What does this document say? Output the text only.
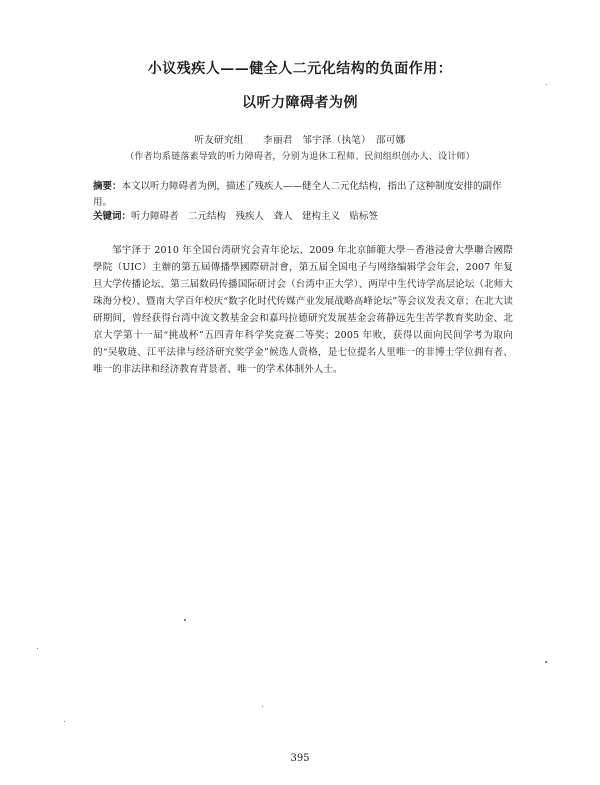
小议残疾人——健全人二元化结构的负面作用：
以听力障碍者为例
听友研究组　　李丽君　邹宇泽（执笔）　邵可娜
（作者均系链落素导致的听力障碍者，分别为退休工程师、民间组织创办人、设计师）
摘要：本文以听力障碍者为例，描述了残疾人——健全人二元化结构，指出了这种制度安排的副作用。
关键词：听力障碍者　二元结构　残疾人　聋人　建构主义　贴标签
邹宇泽于 2010 年全国台湾研究会青年论坛、2009 年北京師範大學－香港浸會大學聯合國際學院（UIC）主辦的第五屆傳播學國際研討會，第五届全国电子与网络编辑学会年会，2007 年复旦大学传播论坛、第三届数码传播国际研讨会（台湾中正大学）、两岸中生代诗学高层论坛（北师大珠海分校）、暨南大学百年校庆“数字化时代传媒产业发展战略高峰论坛”等会议发表文章；在北大读研期间，曾经获得台湾中流文教基金会和嘉玛拉德研究发展基金会蒋静远先生苦学教育奖助金、北京大学第十一届“挑战杯”五四青年科学奖竞赛二等奖；2005 年败，获得以面向民间学考为取向的“吴敬琏、江平法律与经济研究奖学金”候选人资格，是七位提名人里唯一的非博士学位拥有者、唯一的非法律和经济教育背景者、唯一的学术体制外人士。
395
